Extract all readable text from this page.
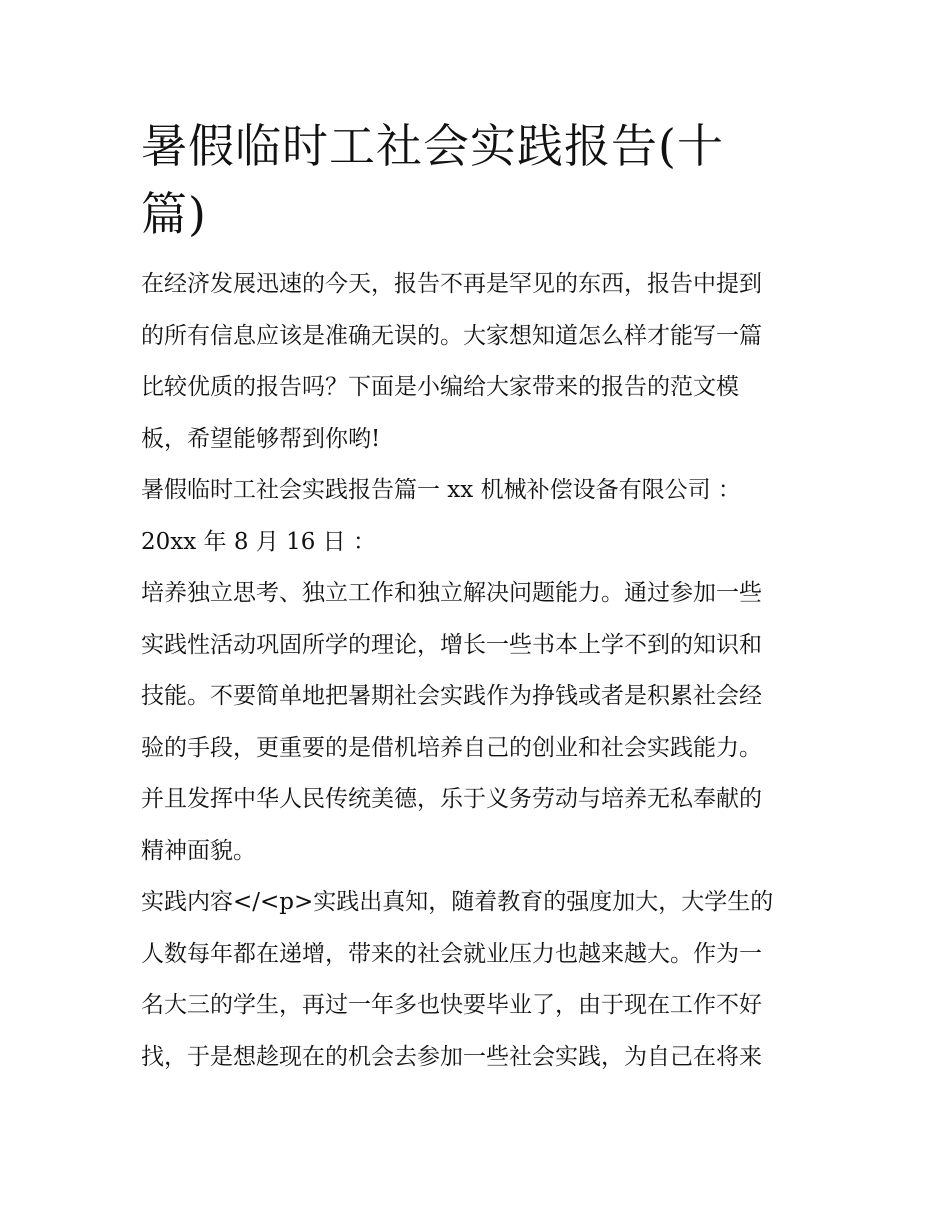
暑假临时工社会实践报告(十
篇)

在经济发展迅速的今天，报告不再是罕见的东西，报告中提到

的所有信息应该是准确无误的。大家想知道怎么样才能写一篇

比较优质的报告吗？下面是小编给大家带来的报告的范文模

板，希望能够帮到你哟!

暑假临时工社会实践报告篇一 xx 机械补偿设备有限公司 ：

20xx 年 8 月 16 日 ：

培养独立思考、独立工作和独立解决问题能力。通过参加一些

实践性活动巩固所学的理论，增长一些书本上学不到的知识和

技能。不要简单地把暑期社会实践作为挣钱或者是积累社会经

验的手段，更重要的是借机培养自己的创业和社会实践能力。

并且发挥中华人民传统美德，乐于义务劳动与培养无私奉献的

精神面貌。

实践内容</<p>实践出真知，随着教育的强度加大，大学生的

人数每年都在递增，带来的社会就业压力也越来越大。作为一

名大三的学生，再过一年多也快要毕业了，由于现在工作不好

找，于是想趁现在的机会去参加一些社会实践，为自己在将来
